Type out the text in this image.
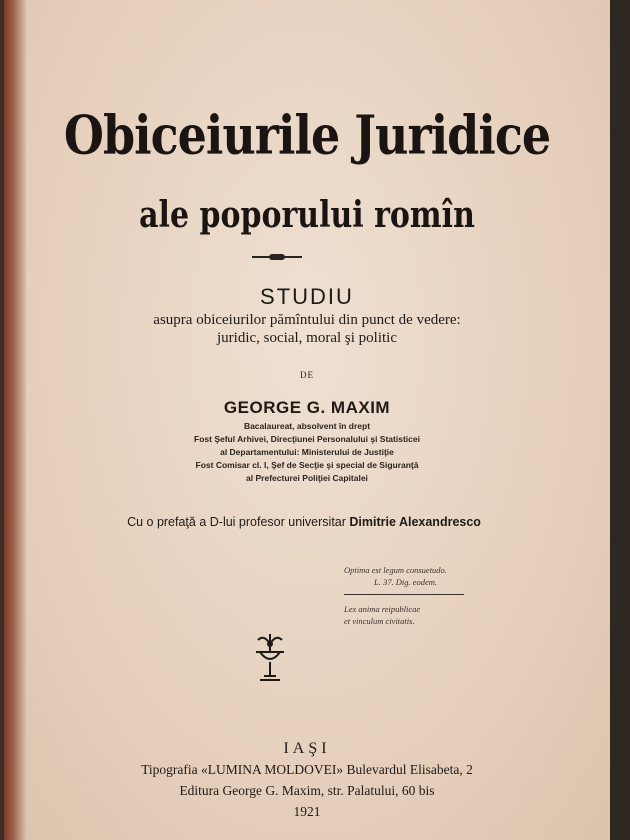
Obiceiurile Juridice
ale poporului romîn
STUDIU
asupra obiceiurilor pămîntului din punct de vedere:
juridic, social, moral şi politic
DE
GEORGE G. MAXIM
Bacalaureat, absolvent în drept
Fost Şeful Arhivei, Direcţiunei Personalului şi Statisticei
al Departamentului: Ministerului de Justiţie
Fost Comisar cl. I, Şef de Secţie şi special de Siguranţă
al Prefecturei Poliţiei Capitalei
Cu o prefaţă a D-lui profesor universitar Dimitrie Alexandresco
Optima est legum consuetudo.
L. 37. Dig. eodem.
Lex anima reipublicae
et vinculum civitatis.
IAŞI
Tipografia «LUMINA MOLDOVEI» Bulevardul Elisabeta, 2
Editura George G. Maxim, str. Palatului, 60 bis
1921
